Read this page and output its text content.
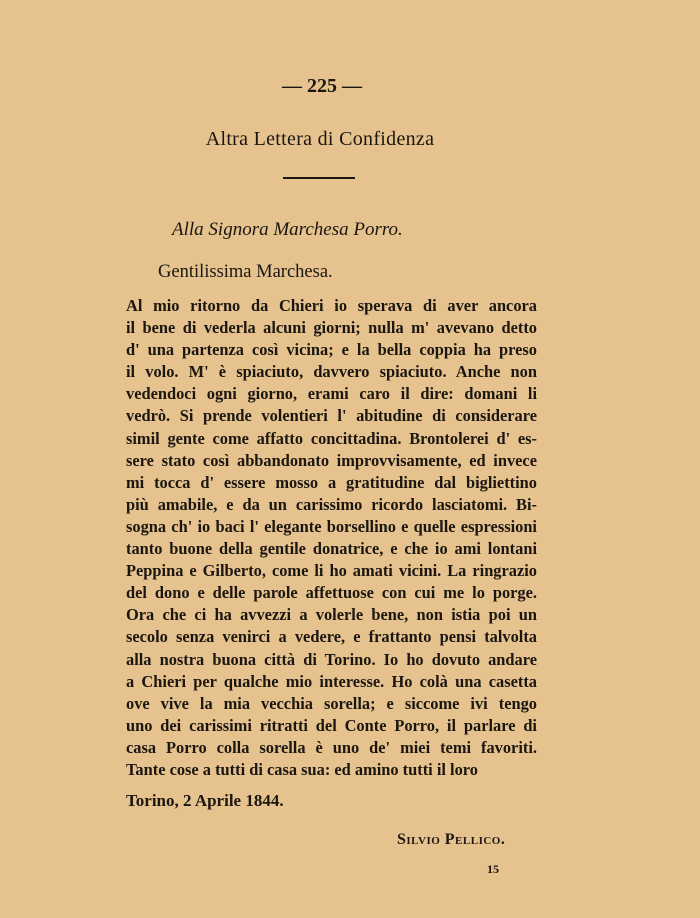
— 225 —
Altra Lettera di Confidenza
Alla Signora Marchesa Porro.
Gentilissima Marchesa.
Al mio ritorno da Chieri io sperava di aver ancora
il bene di vederla alcuni giorni; nulla m' avevano detto
d' una partenza così vicina; e la bella coppia ha preso
il volo. M' è spiaciuto, davvero spiaciuto. Anche non
vedendoci ogni giorno, erami caro il dire: domani li
vedrò. Si prende volentieri l' abitudine di considerare
simil gente come affatto concittadina. Brontolerei d' es-
sere stato così abbandonato improvvisamente, ed invece
mi tocca d' essere mosso a gratitudine dal bigliettino
più amabile, e da un carissimo ricordo lasciatomi. Bi-
sogna ch' io baci l' elegante borsellino e quelle espressioni
tanto buone della gentile donatrice, e che io ami lontani
Peppina e Gilberto, come li ho amati vicini. La ringrazio
del dono e delle parole affettuose con cui me lo porge.
Ora che ci ha avvezzi a volerle bene, non istia poi un
secolo senza venirci a vedere, e frattanto pensi talvolta
alla nostra buona città di Torino. Io ho dovuto andare
a Chieri per qualche mio interesse. Ho colà una casetta
ove vive la mia vecchia sorella; e siccome ivi tengo
uno dei carissimi ritratti del Conte Porro, il parlare di
casa Porro colla sorella è uno de' miei temi favoriti.
Tante cose a tutti di casa sua: ed amino tutti il loro
Torino, 2 Aprile 1844.
Silvio Pellico.
15
